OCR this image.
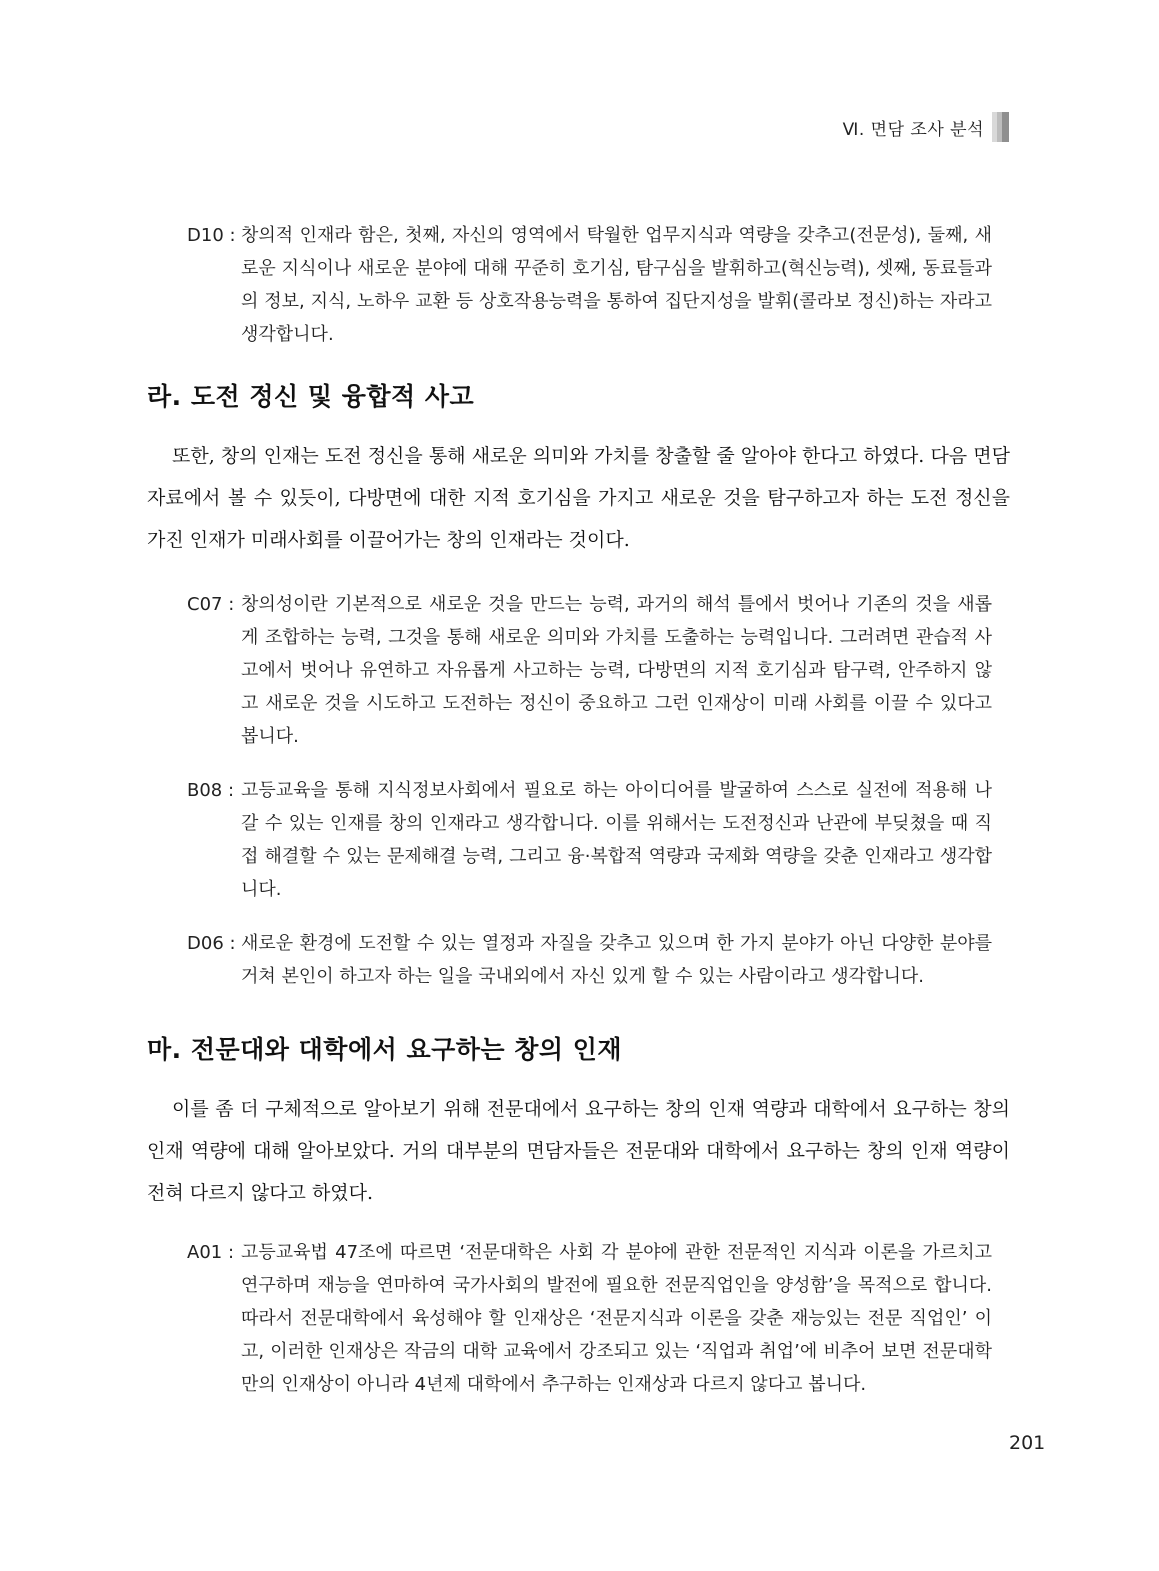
Ⅵ. 면담 조사 분석
D10 : 창의적 인재라 함은, 첫째, 자신의 영역에서 탁월한 업무지식과 역량을 갖추고(전문성), 둘째, 새로운 지식이나 새로운 분야에 대해 꾸준히 호기심, 탐구심을 발휘하고(혁신능력), 셋째, 동료들과의 정보, 지식, 노하우 교환 등 상호작용능력을 통하여 집단지성을 발휘(콜라보 정신)하는 자라고 생각합니다.
라. 도전 정신 및 융합적 사고
또한, 창의 인재는 도전 정신을 통해 새로운 의미와 가치를 창출할 줄 알아야 한다고 하였다. 다음 면담 자료에서 볼 수 있듯이, 다방면에 대한 지적 호기심을 가지고 새로운 것을 탐구하고자 하는 도전 정신을 가진 인재가 미래사회를 이끌어가는 창의 인재라는 것이다.
C07 : 창의성이란 기본적으로 새로운 것을 만드는 능력, 과거의 해석 틀에서 벗어나 기존의 것을 새롭게 조합하는 능력, 그것을 통해 새로운 의미와 가치를 도출하는 능력입니다. 그러려면 관습적 사고에서 벗어나 유연하고 자유롭게 사고하는 능력, 다방면의 지적 호기심과 탐구력, 안주하지 않고 새로운 것을 시도하고 도전하는 정신이 중요하고 그런 인재상이 미래 사회를 이끌 수 있다고 봅니다.
B08 : 고등교육을 통해 지식정보사회에서 필요로 하는 아이디어를 발굴하여 스스로 실전에 적용해 나갈 수 있는 인재를 창의 인재라고 생각합니다. 이를 위해서는 도전정신과 난관에 부딪쳤을 때 직접 해결할 수 있는 문제해결 능력, 그리고 융·복합적 역량과 국제화 역량을 갖춘 인재라고 생각합니다.
D06 : 새로운 환경에 도전할 수 있는 열정과 자질을 갖추고 있으며 한 가지 분야가 아닌 다양한 분야를 거쳐 본인이 하고자 하는 일을 국내외에서 자신 있게 할 수 있는 사람이라고 생각합니다.
마. 전문대와 대학에서 요구하는 창의 인재
이를 좀 더 구체적으로 알아보기 위해 전문대에서 요구하는 창의 인재 역량과 대학에서 요구하는 창의 인재 역량에 대해 알아보았다. 거의 대부분의 면담자들은 전문대와 대학에서 요구하는 창의 인재 역량이 전혀 다르지 않다고 하였다.
A01 : 고등교육법 47조에 따르면 ‘전문대학은 사회 각 분야에 관한 전문적인 지식과 이론을 가르치고 연구하며 재능을 연마하여 국가사회의 발전에 필요한 전문직업인을 양성함’을 목적으로 합니다. 따라서 전문대학에서 육성해야 할 인재상은 ‘전문지식과 이론을 갖춘 재능있는 전문 직업인’ 이고, 이러한 인재상은 작금의 대학 교육에서 강조되고 있는 ‘직업과 취업’에 비추어 보면 전문대학만의 인재상이 아니라 4년제 대학에서 추구하는 인재상과 다르지 않다고 봅니다.
201
